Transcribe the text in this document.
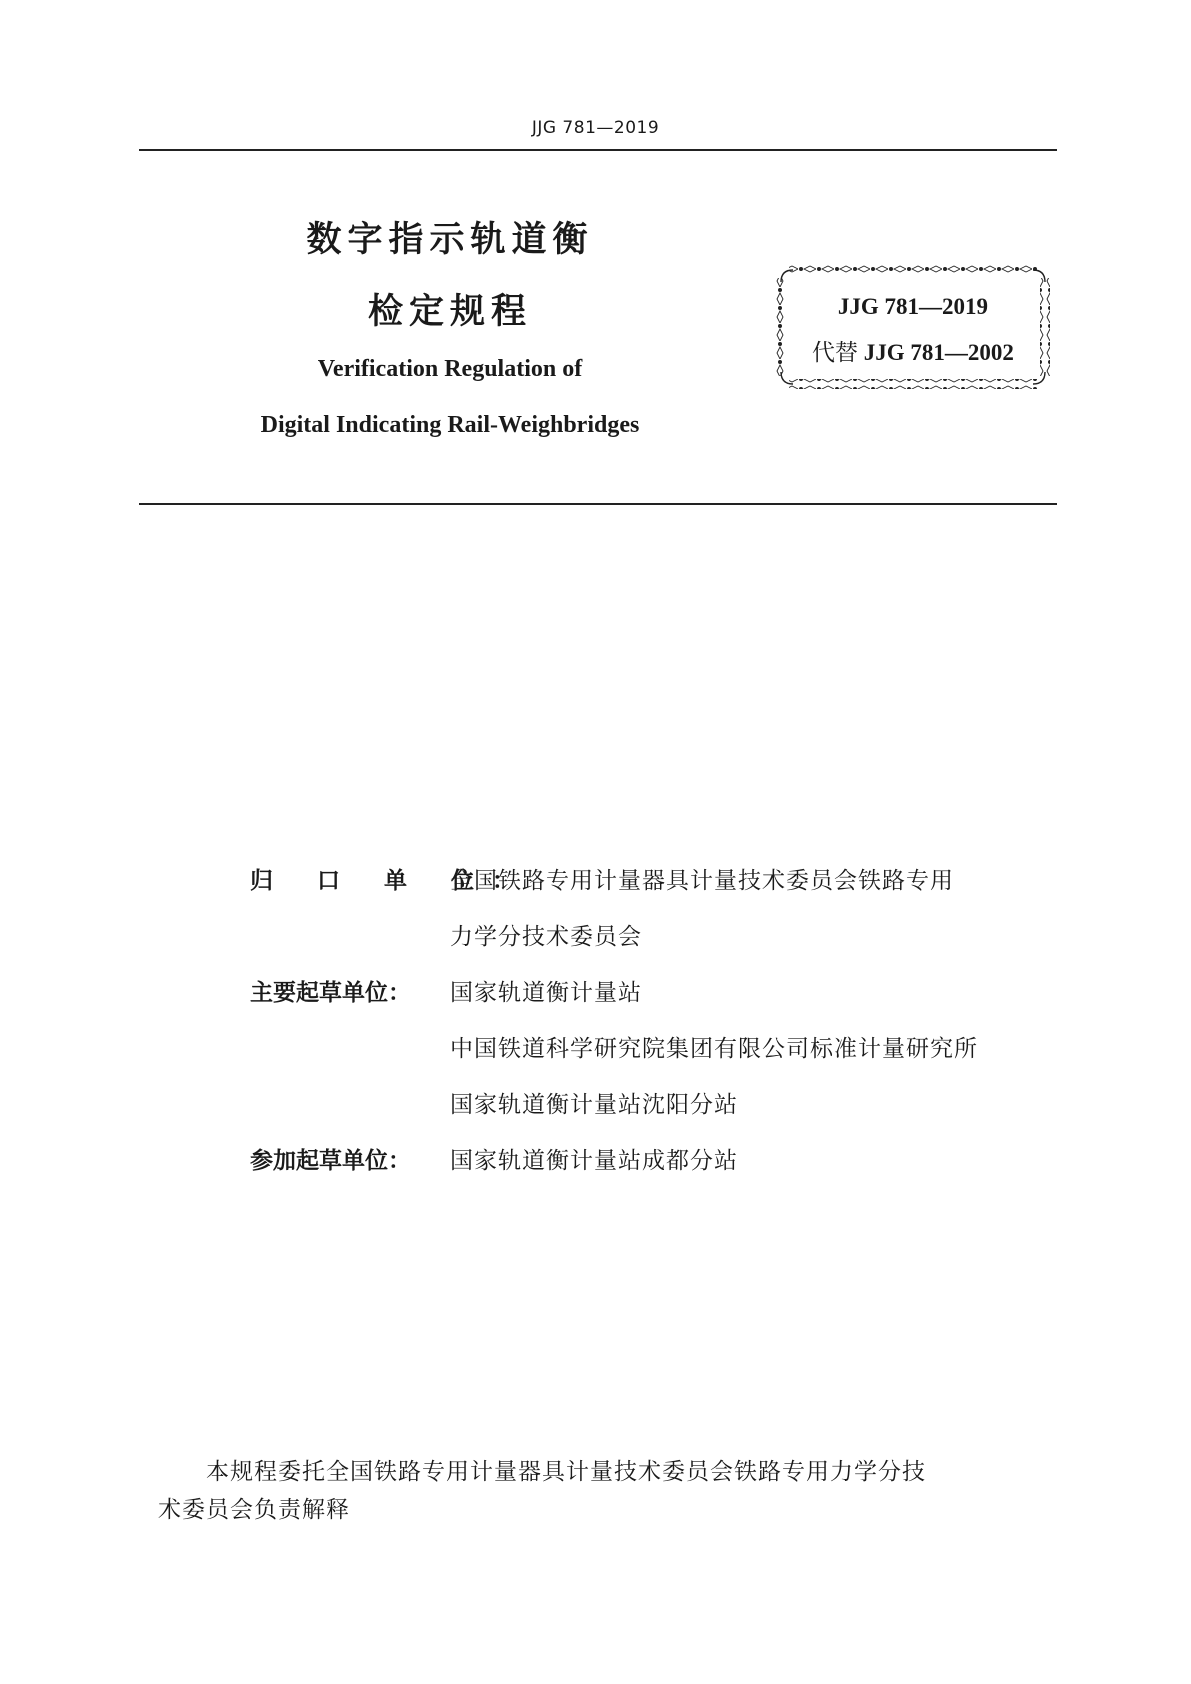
JJG 781—2019
数字指示轨道衡
检定规程
Verification Regulation of
Digital Indicating Rail-Weighbridges
JJG 781—2019
代替 JJG 781—2002
归 口 单 位：
全国铁路专用计量器具计量技术委员会铁路专用
力学分技术委员会
主要起草单位：	国家轨道衡计量站
中国铁道科学研究院集团有限公司标准计量研究所
国家轨道衡计量站沈阳分站
参加起草单位：	国家轨道衡计量站成都分站
本规程委托全国铁路专用计量器具计量技术委员会铁路专用力学分技
术委员会负责解释
